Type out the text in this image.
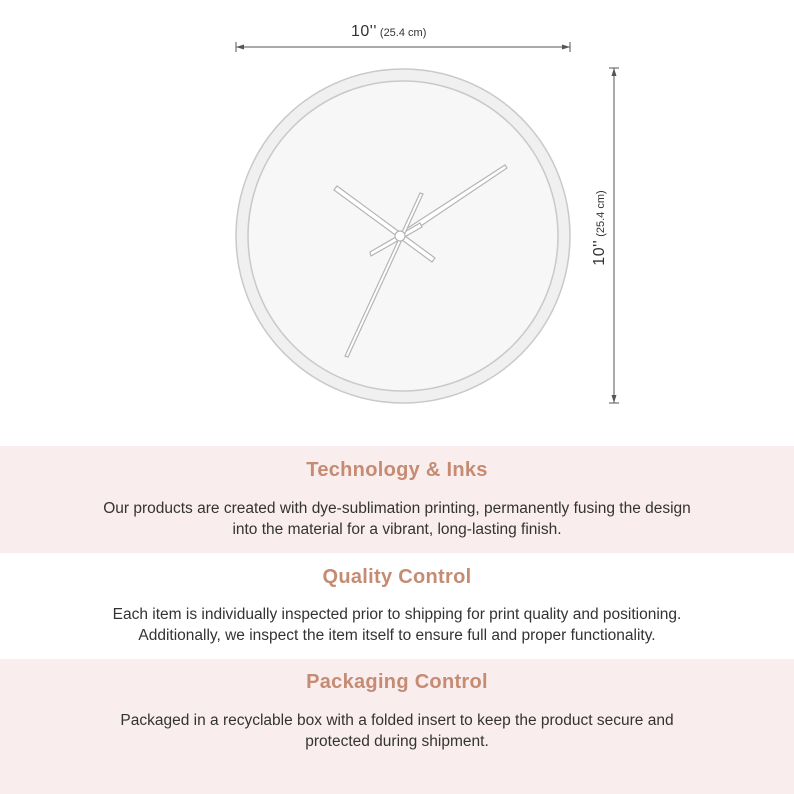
10'' (25.4 cm)
10''(25.4 cm)
Technology & Inks

Our products are created with dye-sublimation printing, permanently fusing the design
into the material for a vibrant, long-lasting finish.

Quality Control

Each item is individually inspected prior to shipping for print quality and positioning.
Additionally, we inspect the item itself to ensure full and proper functionality.

Packaging Control

Packaged in a recyclable box with a folded insert to keep the product secure and
protected during shipment.
